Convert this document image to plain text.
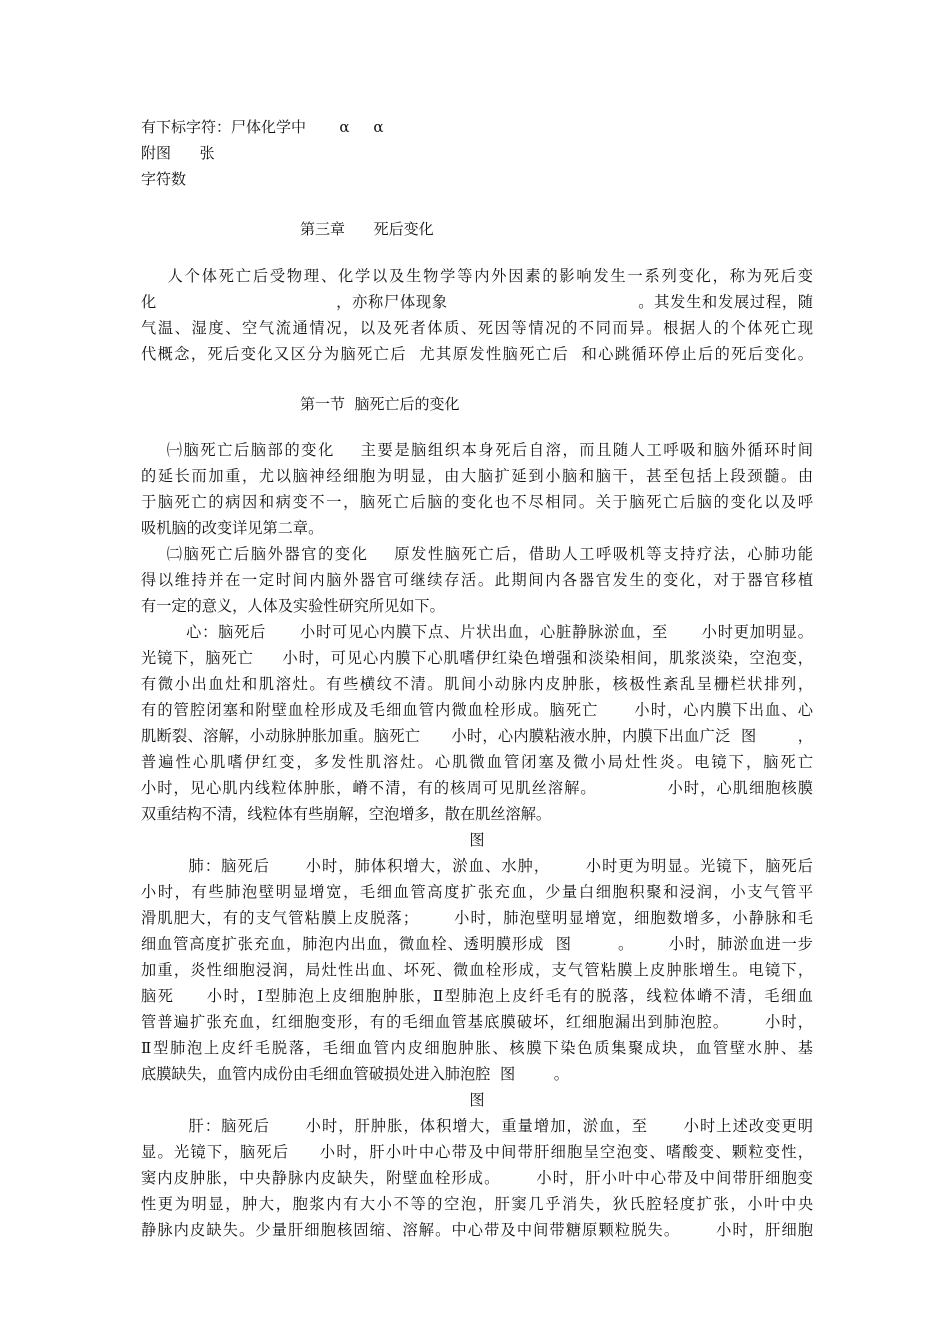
有下标字符：尸体化学中       α     α
附图      张
字符数
第三章      死后变化
人个体死亡后受物理、化学以及生物学等内外因素的影响发生一系列变化，称为死后变
化                                ，亦称尸体现象                                  。其发生和发展过程，随
气温、湿度、空气流通情况，以及死者体质、死因等情况的不同而异。根据人的个体死亡现
代概念，死后变化又区分为脑死亡后  尤其原发性脑死亡后  和心跳循环停止后的死后变化。
第一节  脑死亡后的变化
㈠脑死亡后脑部的变化    主要是脑组织本身死后自溶，而且随人工呼吸和脑外循环时间
的延长而加重，尤以脑神经细胞为明显，由大脑扩延到小脑和脑干，甚至包括上段颈髓。由
于脑死亡的病因和病变不一，脑死亡后脑的变化也不尽相同。关于脑死亡后脑的变化以及呼
吸机脑的改变详见第二章。
㈡脑死亡后脑外器官的变化    原发性脑死亡后，借助人工呼吸机等支持疗法，心肺功能
得以维持并在一定时间内脑外器官可继续存活。此期间内各器官发生的变化，对于器官移植
有一定的意义，人体及实验性研究所见如下。
心：脑死后      小时可见心内膜下点、片状出血，心脏静脉淤血，至      小时更加明显。
光镜下，脑死亡     小时，可见心内膜下心肌嗜伊红染色增强和淡染相间，肌浆淡染，空泡变，
有微小出血灶和肌溶灶。有些横纹不清。肌间小动脉内皮肿胀，核极性紊乱呈栅栏状排列，
有的管腔闭塞和附壁血栓形成及毛细血管内微血栓形成。脑死亡      小时，心内膜下出血、心
肌断裂、溶解，小动脉肿胀加重。脑死亡      小时，心内膜粘液水肿，内膜下出血广泛  图        ，
普遍性心肌嗜伊红变，多发性肌溶灶。心肌微血管闭塞及微小局灶性炎。电镜下，脑死亡
小时，见心肌内线粒体肿胀，嵴不清，有的核周可见肌丝溶解。            小时，心肌细胞核膜
双重结构不清，线粒体有些崩解，空泡增多，散在肌丝溶解。
图
肺：脑死后      小时，肺体积增大，淤血、水肿，      小时更为明显。光镜下，脑死后
小时，有些肺泡壁明显增宽，毛细血管高度扩张充血，少量白细胞积聚和浸润，小支气管平
滑肌肥大，有的支气管粘膜上皮脱落；      小时，肺泡壁明显增宽，细胞数增多，小静脉和毛
细血管高度扩张充血，肺泡内出血，微血栓、透明膜形成  图        。      小时，肺淤血进一步
加重，炎性细胞浸润，局灶性出血、坏死、微血栓形成，支气管粘膜上皮肿胀增生。电镜下，
脑死     小时，Ⅰ型肺泡上皮细胞肿胀，Ⅱ型肺泡上皮纤毛有的脱落，线粒体嵴不清，毛细血
管普遍扩张充血，红细胞变形，有的毛细血管基底膜破坏，红细胞漏出到肺泡腔。      小时，
Ⅱ型肺泡上皮纤毛脱落，毛细血管内皮细胞肿胀、核膜下染色质集聚成块，血管壁水肿、基
底膜缺失，血管内成份由毛细血管破损处进入肺泡腔  图        。
图
肝：脑死后      小时，肝肿胀，体积增大，重量增加，淤血，至      小时上述改变更明
显。光镜下，脑死后     小时，肝小叶中心带及中间带肝细胞呈空泡变、嗜酸变、颗粒变性，
窦内皮肿胀，中央静脉内皮缺失，附壁血栓形成。      小时，肝小叶中心带及中间带肝细胞变
性更为明显，肿大，胞浆内有大小不等的空泡，肝窦几乎消失，狄氏腔轻度扩张，小叶中央
静脉内皮缺失。少量肝细胞核固缩、溶解。中心带及中间带糖原颗粒脱失。      小时，肝细胞
